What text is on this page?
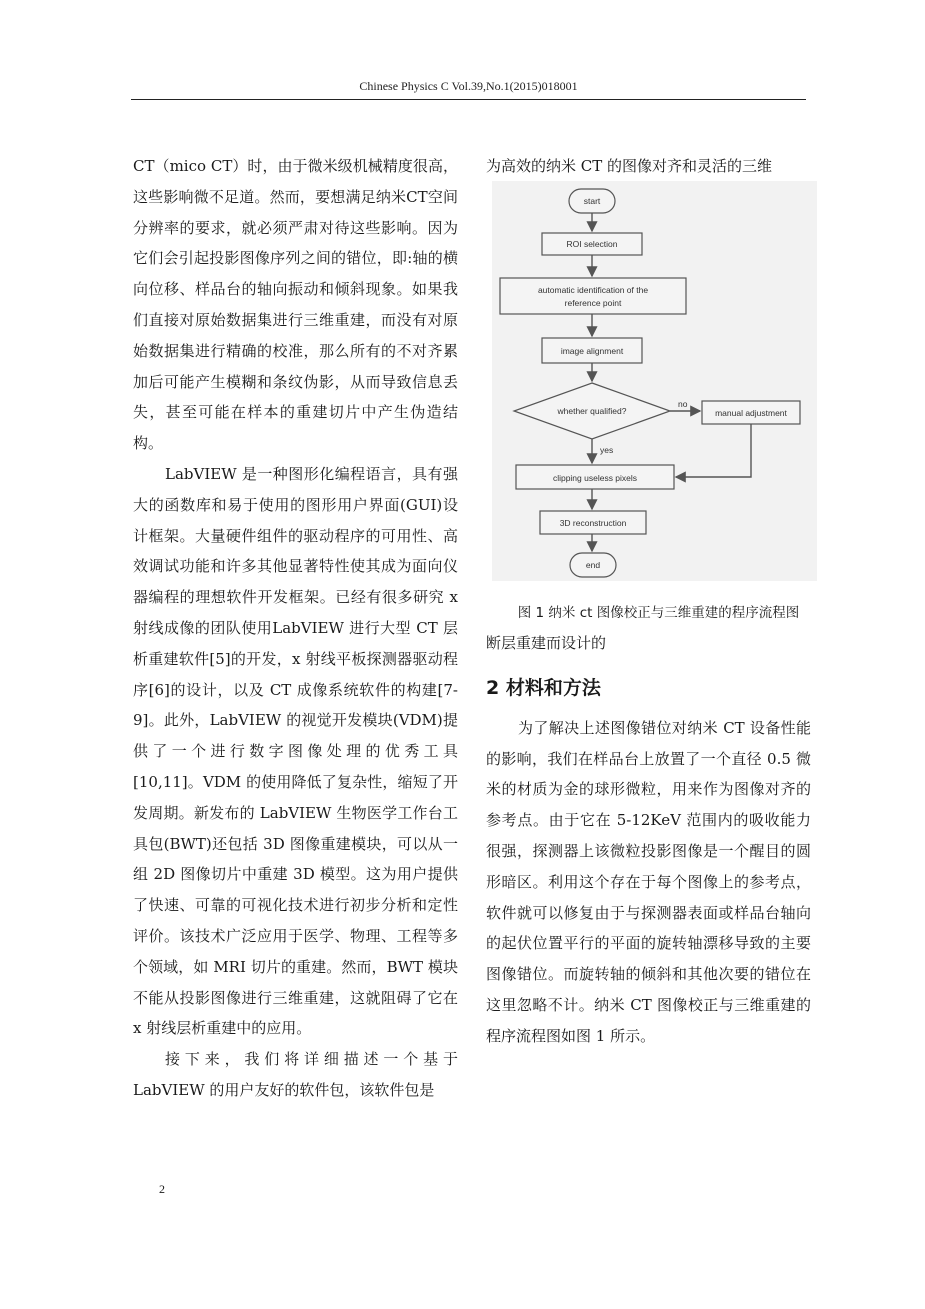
Chinese Physics C Vol.39,No.1(2015)018001

CT（mico CT）时，由于微米级机械精度很高，这些影响微不足道。然而，要想满足纳米CT空间分辨率的要求，就必须严肃对待这些影响。因为它们会引起投影图像序列之间的错位，即:轴的横向位移、样品台的轴向振动和倾斜现象。如果我们直接对原始数据集进行三维重建，而没有对原始数据集进行精确的校准，那么所有的不对齐累加后可能产生模糊和条纹伪影，从而导致信息丢失，甚至可能在样本的重建切片中产生伪造结构。

LabVIEW 是一种图形化编程语言，具有强大的函数库和易于使用的图形用户界面(GUI)设计框架。大量硬件组件的驱动程序的可用性、高效调试功能和许多其他显著特性使其成为面向仪器编程的理想软件开发框架。已经有很多研究 x 射线成像的团队使用LabVIEW 进行大型 CT 层析重建软件[5]的开发，x 射线平板探测器驱动程序[6]的设计，以及 CT 成像系统软件的构建[7-9]。此外，LabVIEW 的视觉开发模块(VDM)提供了一个进行数字图像处理的优秀工具 [10,11]。VDM 的使用降低了复杂性，缩短了开发周期。新发布的 LabVIEW 生物医学工作台工具包(BWT)还包括 3D 图像重建模块，可以从一组 2D 图像切片中重建 3D 模型。这为用户提供了快速、可靠的可视化技术进行初步分析和定性评价。该技术广泛应用于医学、物理、工程等多个领域，如 MRI 切片的重建。然而，BWT 模块不能从投影图像进行三维重建，这就阻碍了它在 x 射线层析重建中的应用。

接下来，我们将详细描述一个基于LabVIEW 的用户友好的软件包，该软件包是

为高效的纳米 CT 的图像对齐和灵活的三维

start
ROI selection
automatic identification of the
reference point
image alignment
whether qualified?
no
manual adjustment
yes
clipping useless pixels
3D reconstruction
end
图 1 纳米 ct 图像校正与三维重建的程序流程图

断层重建而设计的

2 材料和方法

为了解决上述图像错位对纳米 CT 设备性能的影响，我们在样品台上放置了一个直径 0.5 微米的材质为金的球形微粒，用来作为图像对齐的参考点。由于它在 5-12KeV 范围内的吸收能力很强，探测器上该微粒投影图像是一个醒目的圆形暗区。利用这个存在于每个图像上的参考点，软件就可以修复由于与探测器表面或样品台轴向的起伏位置平行的平面的旋转轴漂移导致的主要图像错位。而旋转轴的倾斜和其他次要的错位在这里忽略不计。纳米 CT 图像校正与三维重建的程序流程图如图 1 所示。

2
